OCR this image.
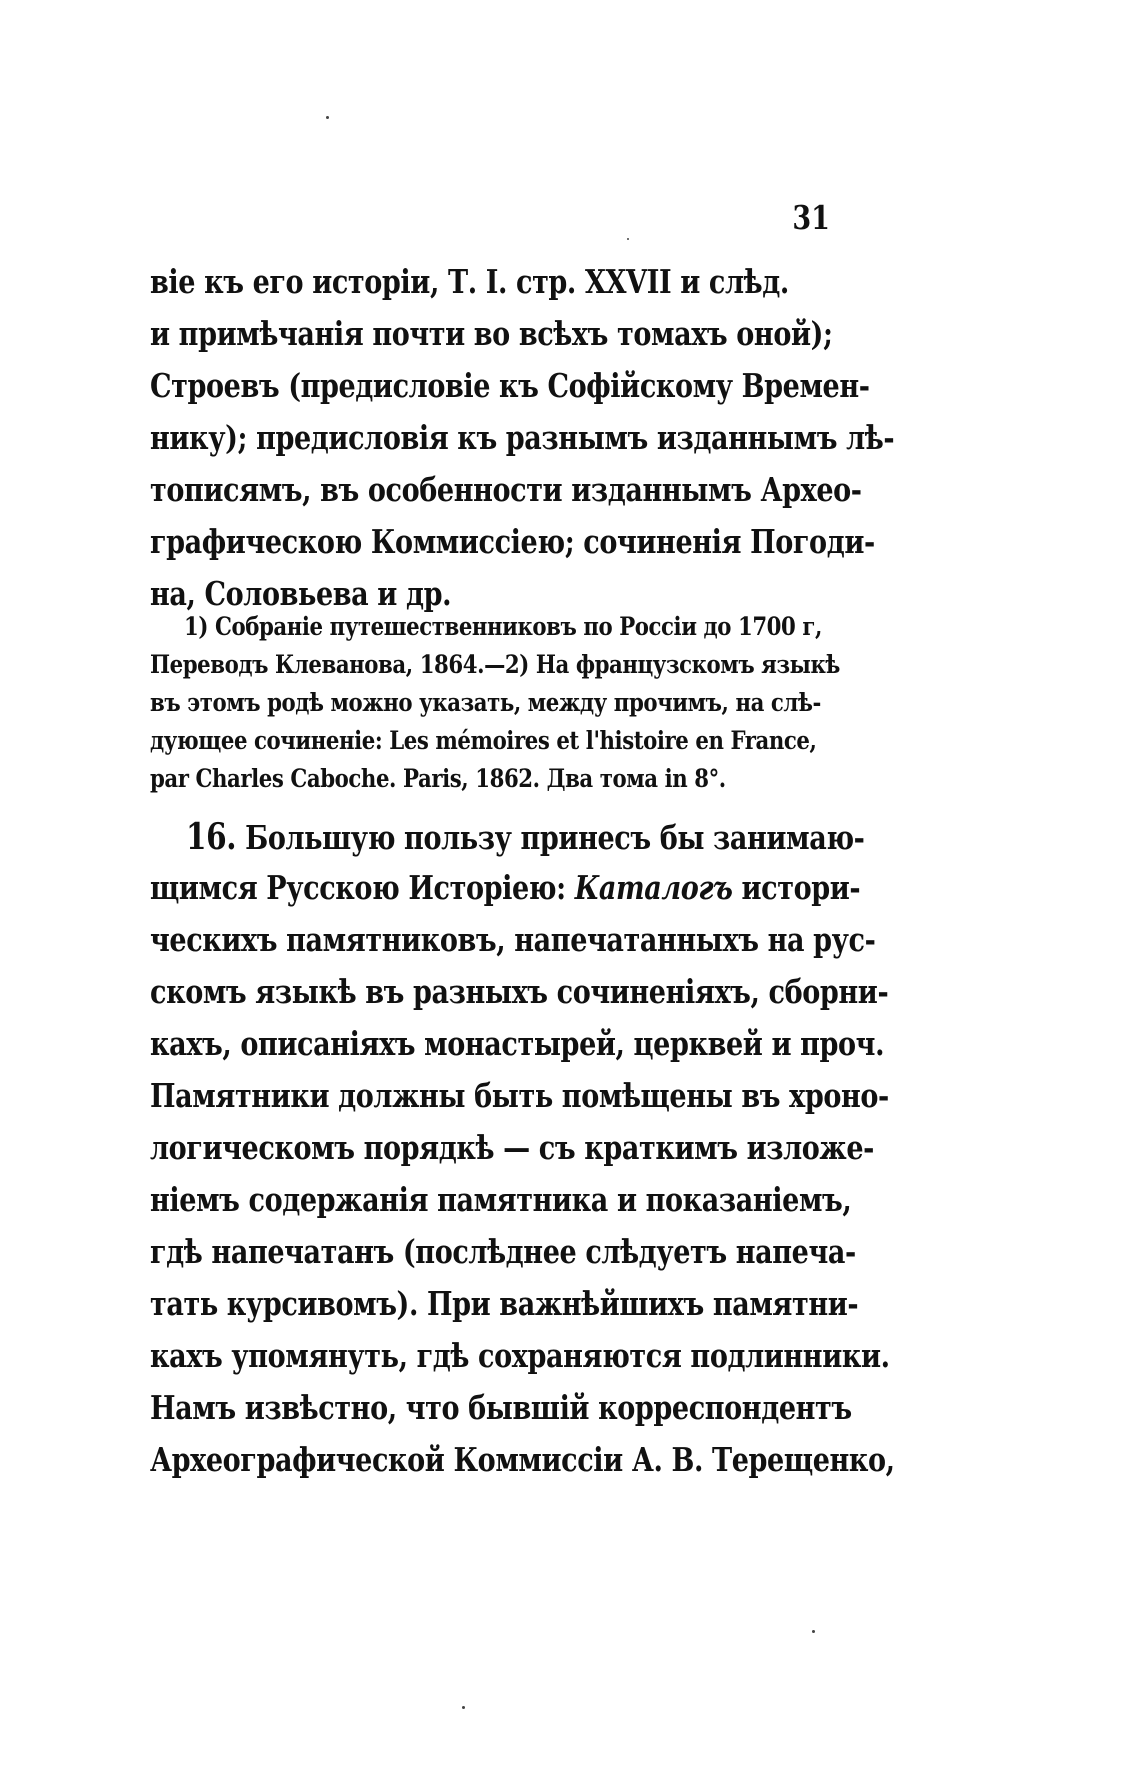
31
віе къ его исторіи, Т. I. стр. XXVII и слѣд.
и примѣчанія почти во всѣхъ томахъ оной);
Строевъ (предисловіе къ Софійскому Времен-
нику); предисловія къ разнымъ изданнымъ лѣ-
тописямъ, въ особенности изданнымъ Археo-
графическою Коммиссіею; сочиненія Погоди-
на, Соловьева и др.
1) Собраніе путешественниковъ по Россіи до 1700 г,
Переводъ Клеванова, 1864.—2) На французскомъ языкѣ
въ этомъ родѣ можно указать, между прочимъ, на слѣ-
дующее сочиненіе: Les mémoires et l'histoire en France,
par Charles Caboche. Paris, 1862. Два тома in 8°.
16. Большую пользу принесъ бы занимаю-
щимся Русскою Исторіею: Каталогъ истори-
ческихъ памятниковъ, напечатанныхъ на рус-
скомъ языкѣ въ разныхъ сочиненіяхъ, сборни-
кахъ, описаніяхъ монастырей, церквей и проч.
Памятники должны быть помѣщены въ хроно-
логическомъ порядкѣ — съ краткимъ изложе-
ніемъ содержанія памятника и показаніемъ,
гдѣ напечатанъ (послѣднее слѣдуетъ напеча-
тать курсивомъ). При важнѣйшихъ памятни-
кахъ упомянуть, гдѣ сохраняются подлинники.
Намъ извѣстно, что бывшій корреспондентъ
Археографической Коммиссіи А. В. Терещенко,
